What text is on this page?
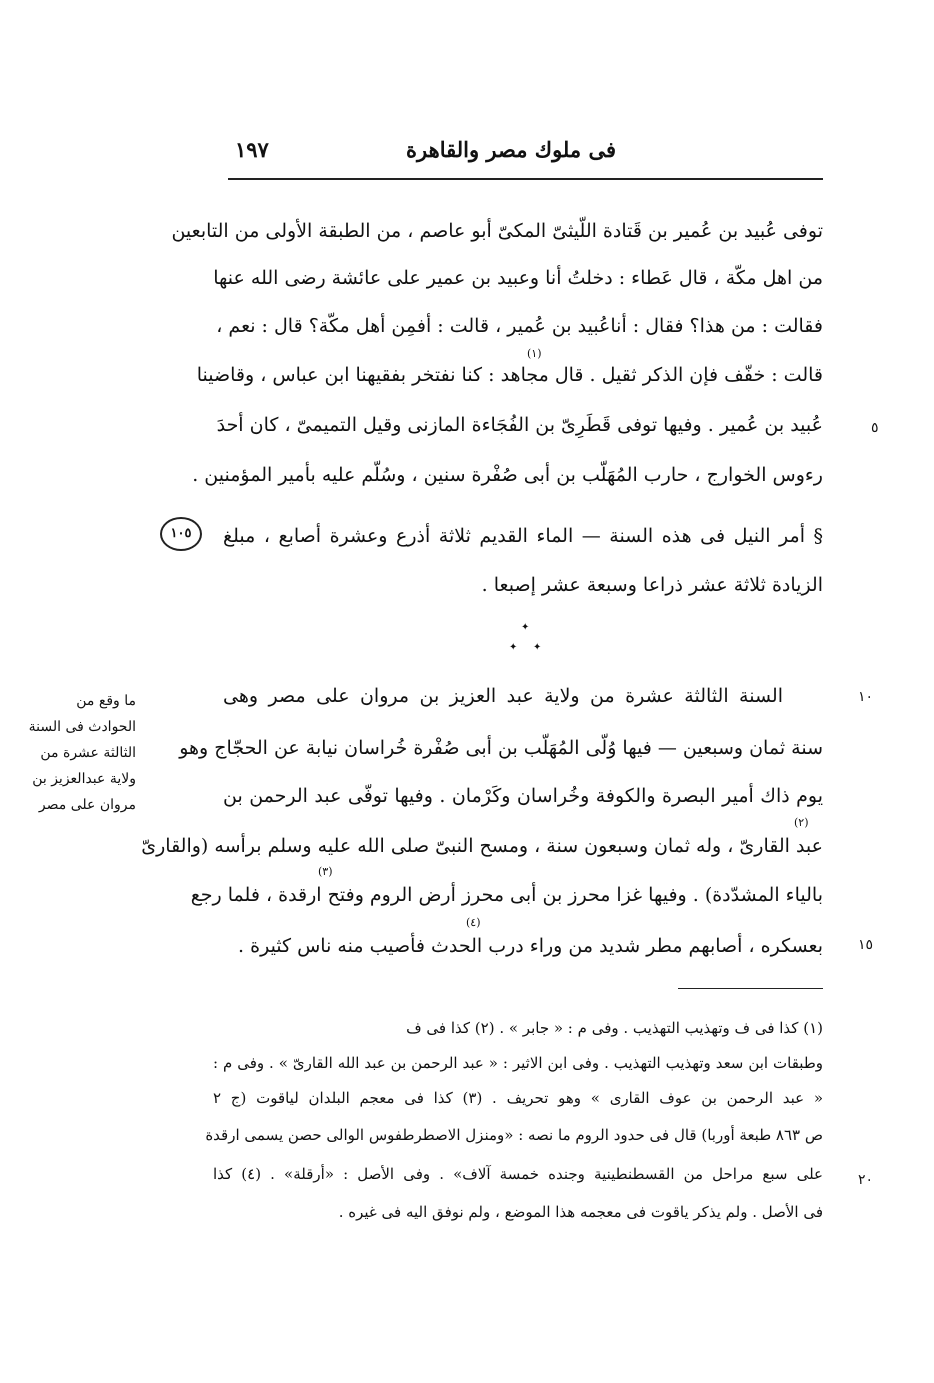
فى ملوك مصر والقاهرة
١٩٧
توفى عُبيد بن عُمير بن قَتادة اللّيثىّ المكىّ أبو عاصم ، من الطبقة الأولى من التابعين
من اهل مكّة ، قال عَطاء : دخلتُ أنا وعبيد بن عمير على عائشة رضى الله عنها
فقالت : من هذا؟ فقال : أناعُبيد بن عُمير ، قالت : أفمِن أهل مكّة؟ قال : نعم ،
قالت : خفّف فإن الذكر ثقيل . قال مجاهد : كنا نفتخر بفقيهنا ابن عباس ، وقاضينا
عُبيد بن عُمير . وفيها توفى قَطَرِىّ بن الفُجَاءة المازنى وقيل التميمىّ ، كان أحدَ
رءوس الخوارج ، حارب المُهَلّب بن أبى صُفْرة سنين ، وسُلّم عليه بأمير المؤمنين .
§ أمر النيل فى هذه السنة — الماء القديم ثلاثة أذرع وعشرة أصابع ، مبلغ
الزيادة ثلاثة عشر ذراعا وسبعة عشر إصبعا .
١٠٥
✦
✦ ✦
السنة الثالثة عشرة من ولاية عبد العزيز بن مروان على مصر وهى
سنة ثمان وسبعين — فيها وُلّى المُهَلّب بن أبى صُفْرة خُراسان نيابة عن الحجّاج وهو
يوم ذاك أمير البصرة والكوفة وخُراسان وكَرْمان . وفيها توفّى عبد الرحمن بن
عبد القارىّ ، وله ثمان وسبعون سنة ، ومسح النبىّ صلى الله عليه وسلم برأسه (والقارىّ
بالياء المشدّدة) . وفيها غزا محرز بن أبى محرز أرض الروم وفتح ارقدة ، فلما رجع
بعسكره ، أصابهم مطر شديد من وراء درب الحدث فأصيب منه ناس كثيرة .
(١)
(٢)
(٣)
(٤)
ما وقع من
الحوادث فى السنة
الثالثة عشرة من
ولاية عبدالعزيز بن
مروان على مصر
٥
١٠
١٥
٢٠
(١) كذا فى ف وتهذيب التهذيب . وفى م : « جابر » . (٢) كذا فى ف
وطبقات ابن سعد وتهذيب التهذيب . وفى ابن الاثير : « عبد الرحمن بن عبد الله القارىّ » . وفى م :
« عبد الرحمن بن عوف القارى » وهو تحريف . (٣) كذا فى معجم البلدان لياقوت (ج ٢
ص ٨٦٣ طبعة أوربا) قال فى حدود الروم ما نصه : «ومنزل الاصطرطفوس الوالى حصن يسمى ارقدة
على سبع مراحل من القسطنطينية وجنده خمسة آلاف» . وفى الأصل : «أرقلة» . (٤) كذا
فى الأصل . ولم يذكر ياقوت فى معجمه هذا الموضع ، ولم نوفق اليه فى غيره .
